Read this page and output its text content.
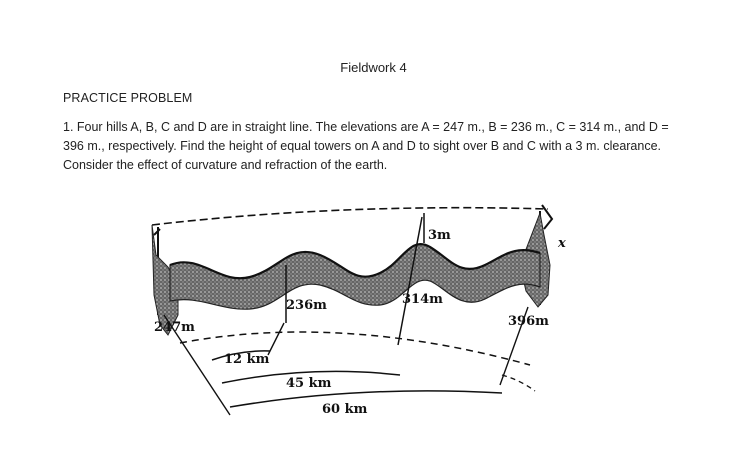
Fieldwork 4
PRACTICE PROBLEM
1. Four hills A, B, C and D are in straight line. The elevations are A = 247 m., B = 236 m., C = 314 m., and D = 396 m., respectively. Find the height of equal towers on A and D to sight over B and C with a 3 m. clearance. Consider the effect of curvature and refraction of the earth.
3m
x
247m
236m	314m
396m
12 km
45 km
60 km
